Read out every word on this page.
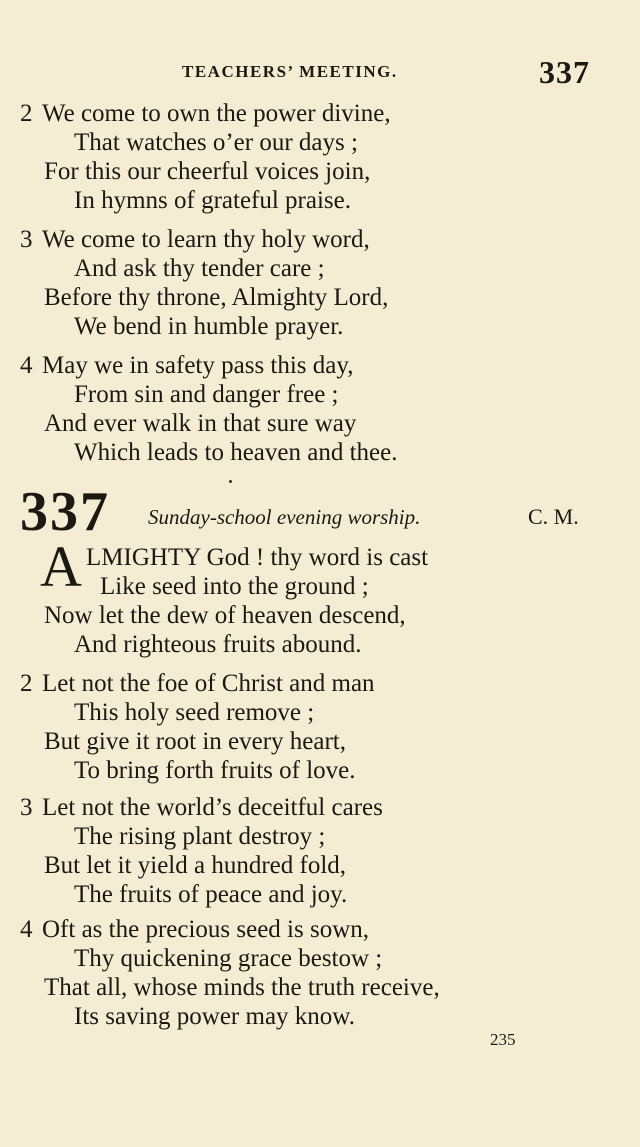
TEACHERS’ MEETING.	337
2 We come to own the power divine,
That watches o’er our days ;
For this our cheerful voices join,
In hymns of grateful praise.
3 We come to learn thy holy word,
And ask thy tender care ;
Before thy throne, Almighty Lord,
We bend in humble prayer.
4 May we in safety pass this day,
From sin and danger free ;
And ever walk in that sure way
Which leads to heaven and thee.
337 Sunday-school evening worship.	C. M.
A LMIGHTY God ! thy word is cast
Like seed into the ground ;
Now let the dew of heaven descend,
And righteous fruits abound.
2 Let not the foe of Christ and man
This holy seed remove ;
But give it root in every heart,
To bring forth fruits of love.
3 Let not the world’s deceitful cares
The rising plant destroy ;
But let it yield a hundred fold,
The fruits of peace and joy.
4 Oft as the precious seed is sown,
Thy quickening grace bestow ;
That all, whose minds the truth receive,
Its saving power may know.
235
